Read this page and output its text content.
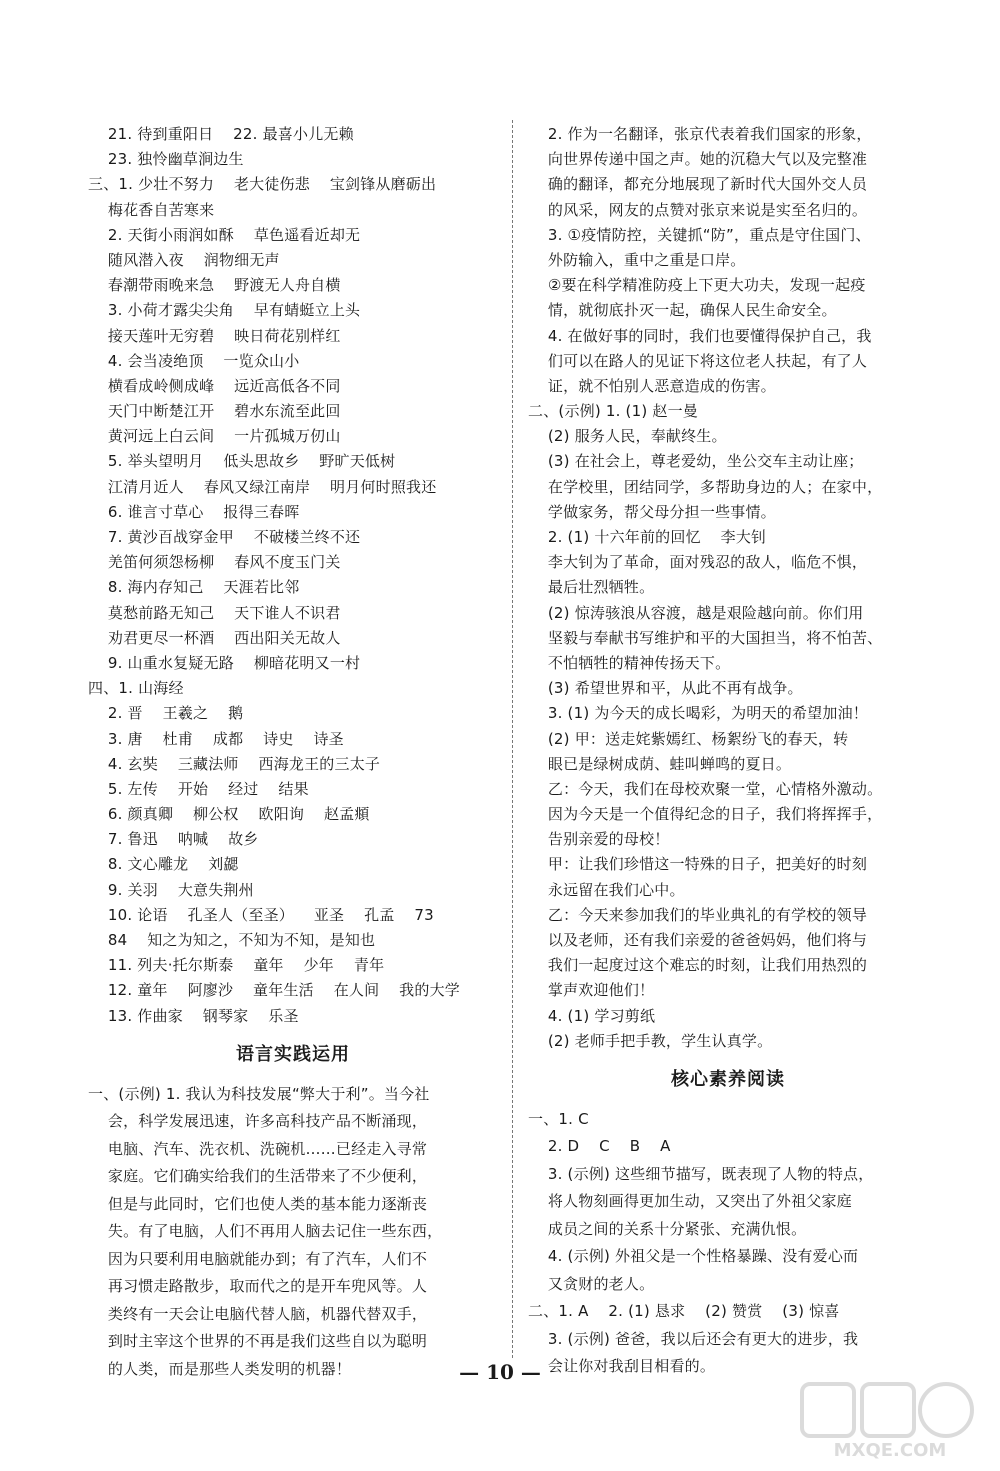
21. 待到重阳日    22. 最喜小儿无赖
23. 独怜幽草涧边生
三、1. 少壮不努力    老大徒伤悲    宝剑锋从磨砺出
梅花香自苦寒来
2. 天街小雨润如酥    草色遥看近却无
随风潜入夜    润物细无声
春潮带雨晚来急    野渡无人舟自横
3. 小荷才露尖尖角    早有蜻蜓立上头
接天莲叶无穷碧    映日荷花别样红
4. 会当凌绝顶    一览众山小
横看成岭侧成峰    远近高低各不同
天门中断楚江开    碧水东流至此回
黄河远上白云间    一片孤城万仞山
5. 举头望明月    低头思故乡    野旷天低树
江清月近人    春风又绿江南岸    明月何时照我还
6. 谁言寸草心    报得三春晖
7. 黄沙百战穿金甲    不破楼兰终不还
羌笛何须怨杨柳    春风不度玉门关
8. 海内存知己    天涯若比邻
莫愁前路无知己    天下谁人不识君
劝君更尽一杯酒    西出阳关无故人
9. 山重水复疑无路    柳暗花明又一村
四、1. 山海经
2. 晋    王羲之    鹅
3. 唐    杜甫    成都    诗史    诗圣
4. 玄奘    三藏法师    西海龙王的三太子
5. 左传    开始    经过    结果
6. 颜真卿    柳公权    欧阳询    赵孟頫
7. 鲁迅    呐喊    故乡
8. 文心雕龙    刘勰
9. 关羽    大意失荆州
10. 论语    孔圣人（至圣）    亚圣    孔孟    73
84    知之为知之，不知为不知，是知也
11. 列夫·托尔斯泰    童年    少年    青年
12. 童年    阿廖沙    童年生活    在人间    我的大学
13. 作曲家    钢琴家    乐圣
语言实践运用
一、(示例) 1. 我认为科技发展“弊大于利”。当今社
会，科学发展迅速，许多高科技产品不断涌现，
电脑、汽车、洗衣机、洗碗机……已经走入寻常
家庭。它们确实给我们的生活带来了不少便利，
但是与此同时，它们也使人类的基本能力逐渐丧
失。有了电脑，人们不再用人脑去记住一些东西，
因为只要利用电脑就能办到；有了汽车，人们不
再习惯走路散步，取而代之的是开车兜风等。人
类终有一天会让电脑代替人脑，机器代替双手，
到时主宰这个世界的不再是我们这些自以为聪明
的人类，而是那些人类发明的机器！
2. 作为一名翻译，张京代表着我们国家的形象，
向世界传递中国之声。她的沉稳大气以及完整准
确的翻译，都充分地展现了新时代大国外交人员
的风采，网友的点赞对张京来说是实至名归的。
3. ①疫情防控，关键抓“防”，重点是守住国门、
外防输入，重中之重是口岸。
②要在科学精准防疫上下更大功夫，发现一起疫
情，就彻底扑灭一起，确保人民生命安全。
4. 在做好事的同时，我们也要懂得保护自己，我
们可以在路人的见证下将这位老人扶起，有了人
证，就不怕别人恶意造成的伤害。
二、(示例) 1. (1) 赵一曼
(2) 服务人民，奉献终生。
(3) 在社会上，尊老爱幼，坐公交车主动让座；
在学校里，团结同学，多帮助身边的人；在家中，
学做家务，帮父母分担一些事情。
2. (1) 十六年前的回忆    李大钊
李大钊为了革命，面对残忍的敌人，临危不惧，
最后壮烈牺牲。
(2) 惊涛骇浪从容渡，越是艰险越向前。你们用
坚毅与奉献书写维护和平的大国担当，将不怕苦、
不怕牺牲的精神传扬天下。
(3) 希望世界和平，从此不再有战争。
3. (1) 为今天的成长喝彩，为明天的希望加油！
(2) 甲：送走姹紫嫣红、杨絮纷飞的春天，转
眼已是绿树成荫、蛙叫蝉鸣的夏日。
乙：今天，我们在母校欢聚一堂，心情格外激动。
因为今天是一个值得纪念的日子，我们将挥挥手，
告别亲爱的母校！
甲：让我们珍惜这一特殊的日子，把美好的时刻
永远留在我们心中。
乙：今天来参加我们的毕业典礼的有学校的领导
以及老师，还有我们亲爱的爸爸妈妈，他们将与
我们一起度过这个难忘的时刻，让我们用热烈的
掌声欢迎他们！
4. (1) 学习剪纸
(2) 老师手把手教，学生认真学。
核心素养阅读
一、1. C
2. D    C    B    A
3. (示例) 这些细节描写，既表现了人物的特点，
将人物刻画得更加生动，又突出了外祖父家庭
成员之间的关系十分紧张、充满仇恨。
4. (示例) 外祖父是一个性格暴躁、没有爱心而
又贪财的老人。
二、1. A    2. (1) 恳求    (2) 赞赏    (3) 惊喜
3. (示例) 爸爸，我以后还会有更大的进步，我
会让你对我刮目相看的。
— 10 —
MXQE.COM
